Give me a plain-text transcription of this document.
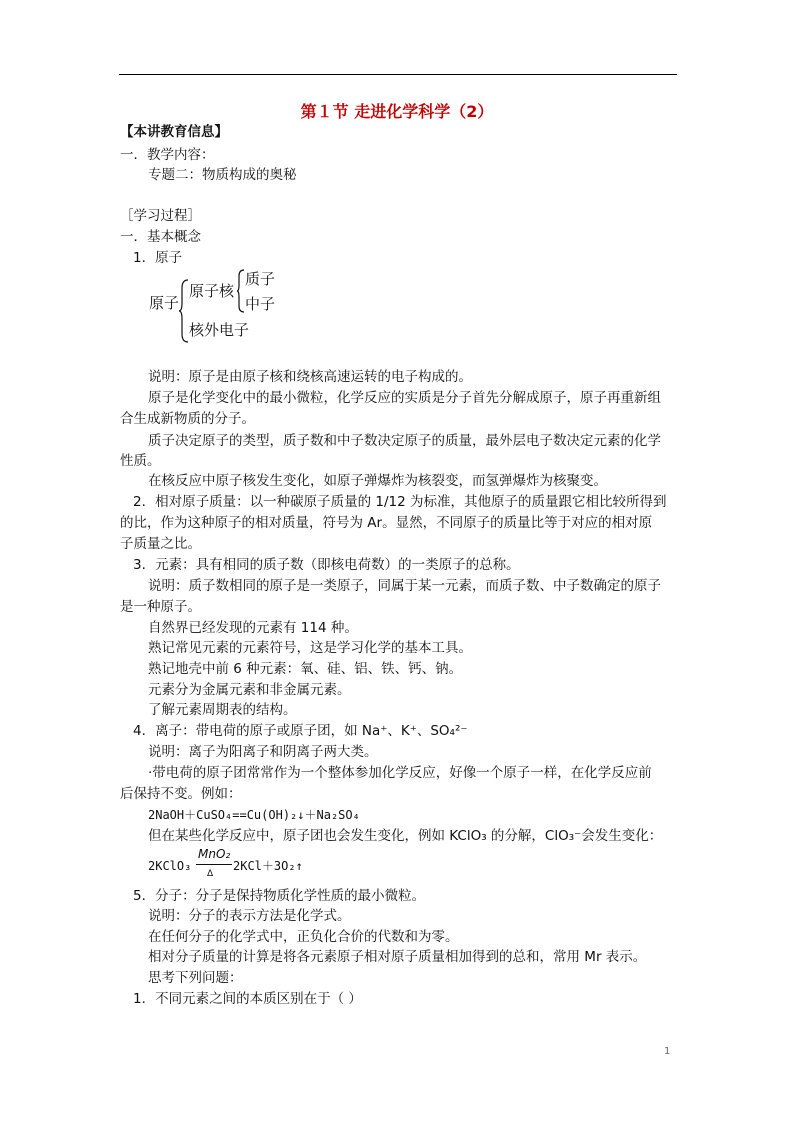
第１节 走进化学科学（2）
【本讲教育信息】
一．教学内容：
专题二：物质构成的奥秘
［学习过程］
一．基本概念
1．原子
原子
原子核
质子
中子
核外电子
说明：原子是由原子核和绕核高速运转的电子构成的。
原子是化学变化中的最小微粒，化学反应的实质是分子首先分解成原子，原子再重新组
合生成新物质的分子。
质子决定原子的类型，质子数和中子数决定原子的质量，最外层电子数决定元素的化学
性质。
在核反应中原子核发生变化，如原子弹爆炸为核裂变，而氢弹爆炸为核聚变。
2．相对原子质量：以一种碳原子质量的 1/12 为标准，其他原子的质量跟它相比较所得到
的比，作为这种原子的相对质量，符号为 Ar。显然，不同原子的质量比等于对应的相对原
子质量之比。
3．元素：具有相同的质子数（即核电荷数）的一类原子的总称。
说明：质子数相同的原子是一类原子，同属于某一元素，而质子数、中子数确定的原子
是一种原子。
自然界已经发现的元素有 114 种。
熟记常见元素的元素符号，这是学习化学的基本工具。
熟记地壳中前 6 种元素：氧、硅、铝、铁、钙、钠。
元素分为金属元素和非金属元素。
了解元素周期表的结构。
4．离子：带电荷的原子或原子团，如 Na⁺、K⁺、SO₄²⁻
说明：离子为阳离子和阴离子两大类。
·带电荷的原子团常常作为一个整体参加化学反应，好像一个原子一样，在化学反应前
后保持不变。例如：
2NaOH＋CuSO₄==Cu(OH)₂↓＋Na₂SO₄
但在某些化学反应中，原子团也会发生变化，例如 KClO₃ 的分解，ClO₃⁻会发生变化：
2KClO₃
MnO₂
Δ
2KCl＋3O₂↑
5．分子：分子是保持物质化学性质的最小微粒。
说明：分子的表示方法是化学式。
在任何分子的化学式中，正负化合价的代数和为零。
相对分子质量的计算是将各元素原子相对原子质量相加得到的总和，常用 Mr 表示。
思考下列问题：
1．不同元素之间的本质区别在于（ ）
1
